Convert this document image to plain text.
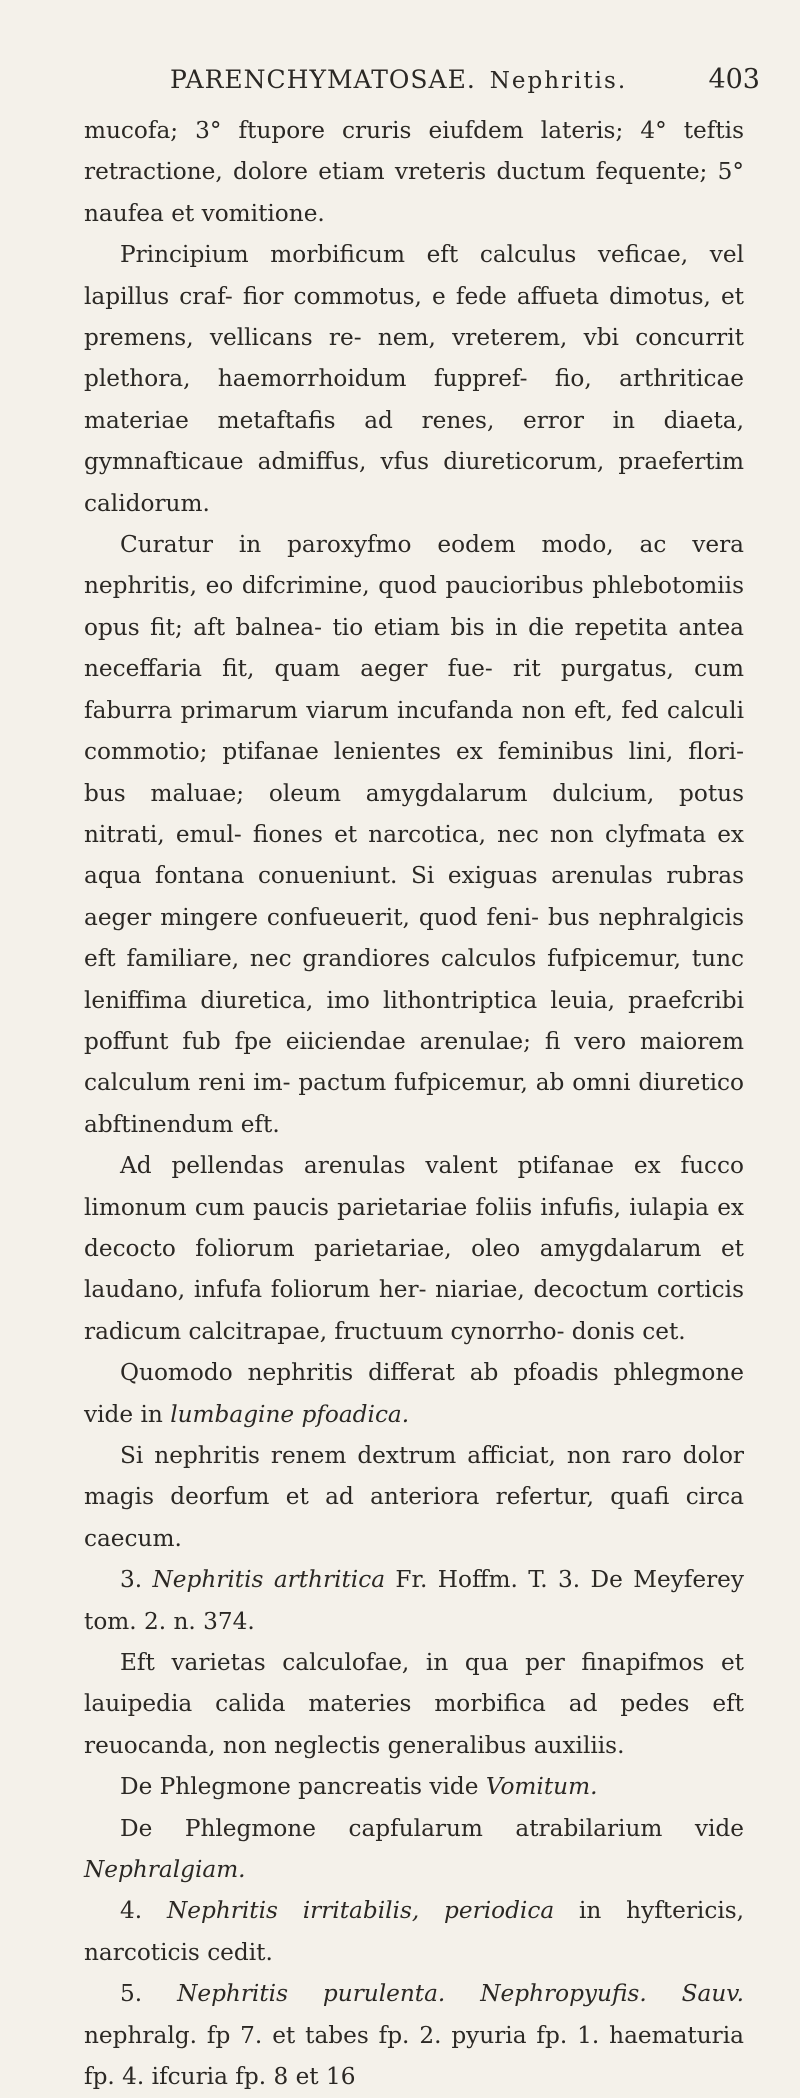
PARENCHYMATOSAE. Nephritis.	403

mucofa; 3° ftupore cruris eiufdem lateris; 4° teftis retractione, dolore etiam vreteris ductum fequente; 5° naufea et vomitione.

Principium morbificum eft calculus veficae, vel lapillus craf- fior commotus, e fede affueta dimotus, et premens, vellicans re- nem, vreterem, vbi concurrit plethora, haemorrhoidum fuppref- fio, arthriticae materiae metaftafis ad renes, error in diaeta, gymnafticaue admiffus, vfus diureticorum, praefertim calidorum.

Curatur in paroxyfmo eodem modo, ac vera nephritis, eo difcrimine, quod paucioribus phlebotomiis opus fit; aft balnea- tio etiam bis in die repetita antea neceffaria fit, quam aeger fue- rit purgatus, cum faburra primarum viarum incufanda non eft, fed calculi commotio; ptifanae lenientes ex feminibus lini, flori- bus maluae; oleum amygdalarum dulcium, potus nitrati, emul- fiones et narcotica, nec non clyfmata ex aqua fontana conueniunt. Si exiguas arenulas rubras aeger mingere confueuerit, quod feni- bus nephralgicis eft familiare, nec grandiores calculos fufpicemur, tunc leniffima diuretica, imo lithontriptica leuia, praefcribi poffunt fub fpe eiiciendae arenulae; fi vero maiorem calculum reni im- pactum fufpicemur, ab omni diuretico abftinendum eft.

Ad pellendas arenulas valent ptifanae ex fucco limonum cum paucis parietariae foliis infufis, iulapia ex decocto foliorum parietariae, oleo amygdalarum et laudano, infufa foliorum her- niariae, decoctum corticis radicum calcitrapae, fructuum cynorrho- donis cet.

Quomodo nephritis differat ab pfoadis phlegmone vide in lumbagine pfoadica.

Si nephritis renem dextrum afficiat, non raro dolor magis deorfum et ad anteriora refertur, quafi circa caecum.

3. Nephritis arthritica Fr. Hoffm. T. 3. De Meyferey tom. 2. n. 374.

Eft varietas calculofae, in qua per finapifmos et lauipedia calida materies morbifica ad pedes eft reuocanda, non neglectis generalibus auxiliis.

De Phlegmone pancreatis vide Vomitum.

De Phlegmone capfularum atrabilarium vide Nephralgiam.

4. Nephritis irritabilis, periodica in hyftericis, narcoticis cedit.

5. Nephritis purulenta. Nephropyufis. Sauv. nephralg. fp 7. et tabes fp. 2. pyuria fp. 1. haematuria fp. 4. ifcuria fp. 8 et 16
